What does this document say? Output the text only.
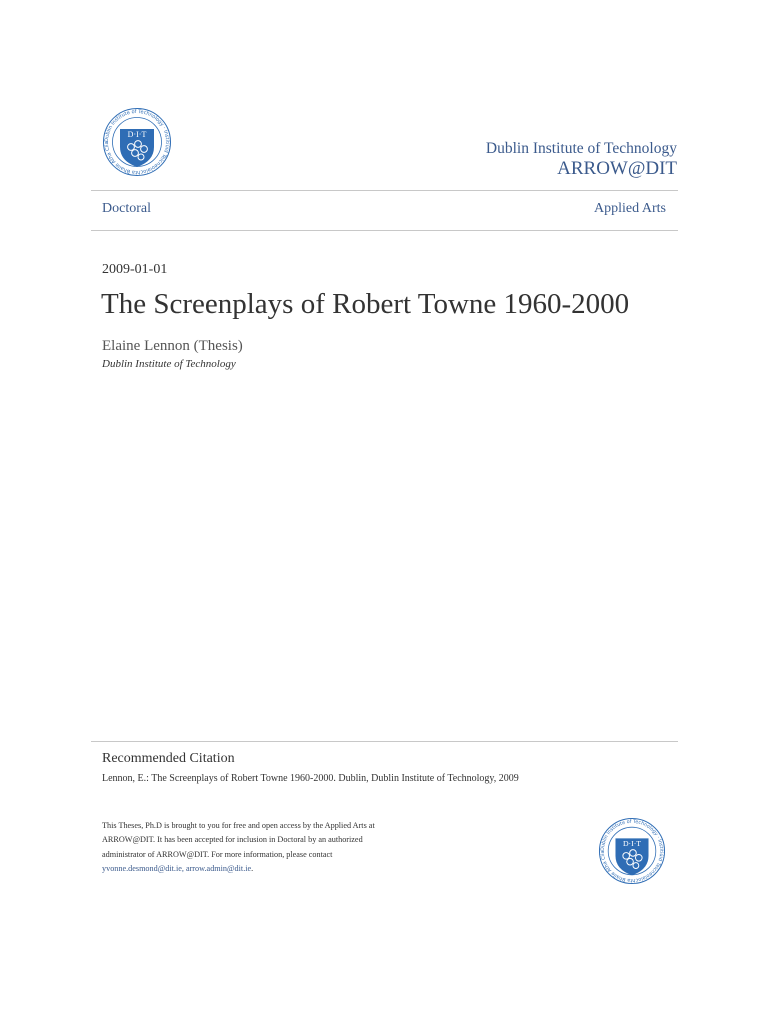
Dublin Institute of Technology · Institiúid Teicneolaíochta Bhaile Átha Clia
D·I·T
Dublin Institute of Technology
ARROW@DIT
Doctoral	Applied Arts
2009-01-01
The Screenplays of Robert Towne 1960-2000
Elaine Lennon (Thesis)
Dublin Institute of Technology
Recommended Citation
Lennon, E.: The Screenplays of Robert Towne 1960-2000. Dublin, Dublin Institute of Technology, 2009
This Theses, Ph.D is brought to you for free and open access by the Applied Arts at ARROW@DIT. It has been accepted for inclusion in Doctoral by an authorized administrator of ARROW@DIT. For more information, please contact yvonne.desmond@dit.ie, arrow.admin@dit.ie.
Dublin Institute of Technology · Institiúid Teicneolaíochta Bhaile Átha Clia
D·I·T
